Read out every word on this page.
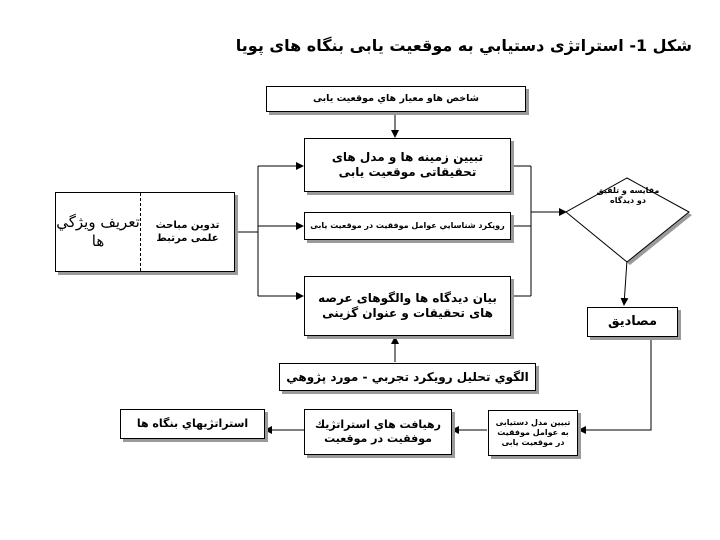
شكل 1- استراتژی دستیابي به موقعيت يابی بنگاه های پويا
شاخص هاو معيار هاي موقعيت يابی
تبيين زمينه ها و مدل های تحقيقاتی موقعيت يابی
رويکرد شناسايي عوامل موفقيت در موقعيت يابی
بيان ديدگاه ها والگوهای عرصه های تحقيقات و عنوان گزينی
الگوي تحليل رويکرد تجربي - مورد پژوهي
تعريف ويژگي ها
تدوين مباحث علمی مرتبط
مقايسه و تلفيق دو ديدگاه
مصاديق
تبيين مدل دستيابی به عوامل موفقيت در موقعيت يابی
رهيافت هاي استراتژيك موفقيت در موقعيت
استراتژيهاي بنگاه ها
